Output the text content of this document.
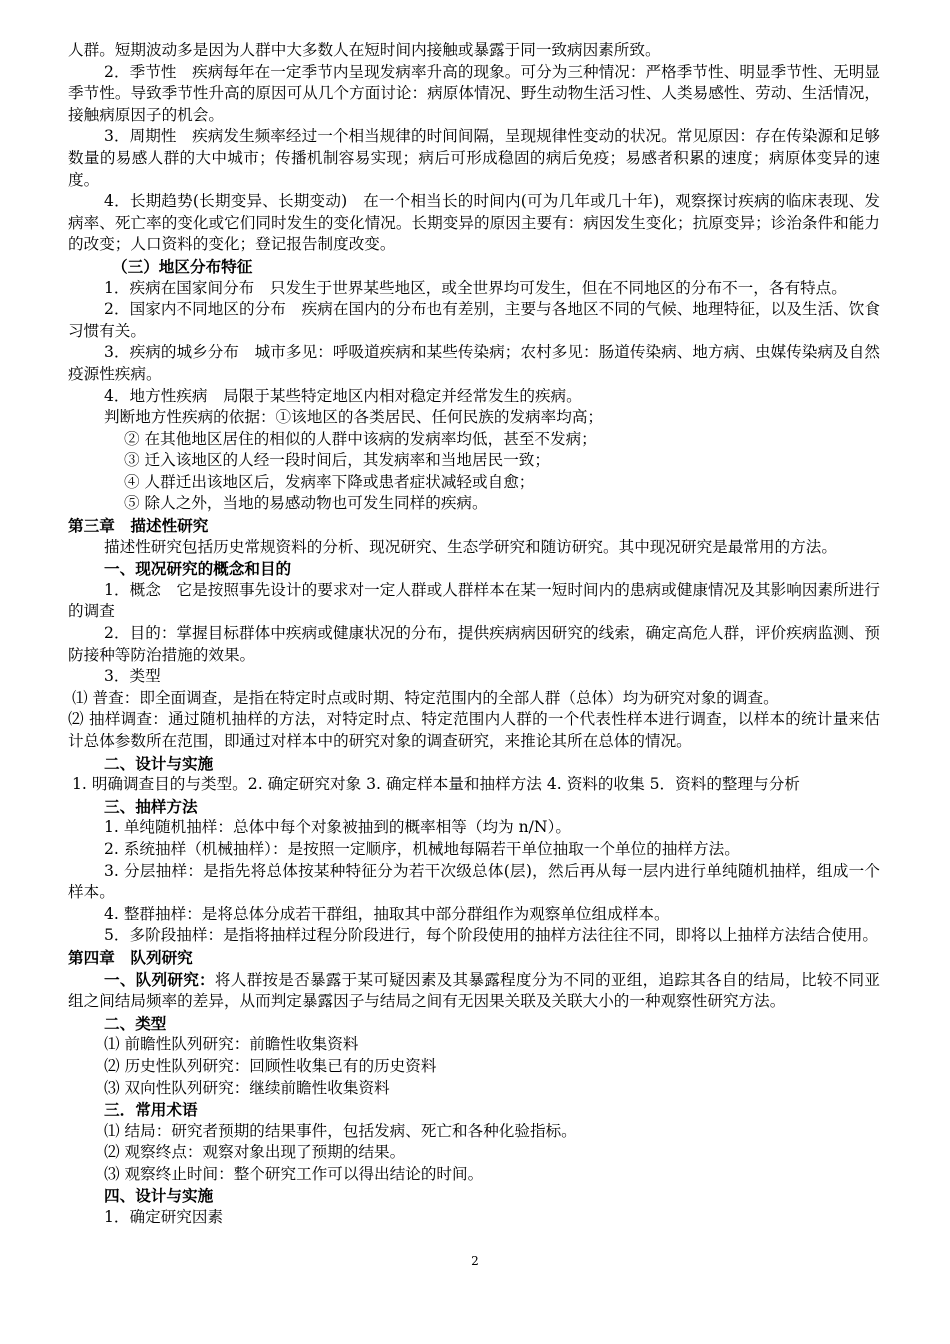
人群。短期波动多是因为人群中大多数人在短时间内接触或暴露于同一致病因素所致。

2．季节性　疾病每年在一定季节内呈现发病率升高的现象。可分为三种情况：严格季节性、明显季节性、无明显季节性。导致季节性升高的原因可从几个方面讨论：病原体情况、野生动物生活习性、人类易感性、劳动、生活情况，接触病原因子的机会。

3．周期性　疾病发生频率经过一个相当规律的时间间隔，呈现规律性变动的状况。常见原因：存在传染源和足够数量的易感人群的大中城市；传播机制容易实现；病后可形成稳固的病后免疫；易感者积累的速度；病原体变异的速度。

4．长期趋势(长期变异、长期变动)　在一个相当长的时间内(可为几年或几十年)，观察探讨疾病的临床表现、发病率、死亡率的变化或它们同时发生的变化情况。长期变异的原因主要有：病因发生变化；抗原变异；诊治条件和能力的改变；人口资料的变化；登记报告制度改变。

（三）地区分布特征

1．疾病在国家间分布　只发生于世界某些地区，或全世界均可发生，但在不同地区的分布不一，各有特点。

2．国家内不同地区的分布　疾病在国内的分布也有差别，主要与各地区不同的气候、地理特征，以及生活、饮食习惯有关。

3．疾病的城乡分布　城市多见：呼吸道疾病和某些传染病；农村多见：肠道传染病、地方病、虫媒传染病及自然疫源性疾病。

4．地方性疾病　局限于某些特定地区内相对稳定并经常发生的疾病。

判断地方性疾病的依据：①该地区的各类居民、任何民族的发病率均高；

② 在其他地区居住的相似的人群中该病的发病率均低，甚至不发病；

③ 迁入该地区的人经一段时间后，其发病率和当地居民一致；

④ 人群迁出该地区后，发病率下降或患者症状减轻或自愈；

⑤ 除人之外，当地的易感动物也可发生同样的疾病。

第三章　描述性研究

描述性研究包括历史常规资料的分析、现况研究、生态学研究和随访研究。其中现况研究是最常用的方法。

一、现况研究的概念和目的

1．概念　它是按照事先设计的要求对一定人群或人群样本在某一短时间内的患病或健康情况及其影响因素所进行的调查

2．目的：掌握目标群体中疾病或健康状况的分布，提供疾病病因研究的线索，确定高危人群，评价疾病监测、预防接种等防治措施的效果。

3．类型

⑴ 普查：即全面调查，是指在特定时点或时期、特定范围内的全部人群（总体）均为研究对象的调查。

⑵ 抽样调查：通过随机抽样的方法，对特定时点、特定范围内人群的一个代表性样本进行调查，以样本的统计量来估计总体参数所在范围，即通过对样本中的研究对象的调查研究，来推论其所在总体的情况。

二、设计与实施

1. 明确调查目的与类型。2. 确定研究对象 3. 确定样本量和抽样方法 4. 资料的收集 5．资料的整理与分析

三、抽样方法

1. 单纯随机抽样：总体中每个对象被抽到的概率相等（均为 n/N）。

2. 系统抽样（机械抽样）：是按照一定顺序，机械地每隔若干单位抽取一个单位的抽样方法。

3. 分层抽样：是指先将总体按某种特征分为若干次级总体(层)，然后再从每一层内进行单纯随机抽样，组成一个样本。

4. 整群抽样：是将总体分成若干群组，抽取其中部分群组作为观察单位组成样本。

5．多阶段抽样：是指将抽样过程分阶段进行，每个阶段使用的抽样方法往往不同，即将以上抽样方法结合使用。

第四章　队列研究

一、队列研究：将人群按是否暴露于某可疑因素及其暴露程度分为不同的亚组，追踪其各自的结局，比较不同亚组之间结局频率的差异，从而判定暴露因子与结局之间有无因果关联及关联大小的一种观察性研究方法。

二、类型

⑴ 前瞻性队列研究：前瞻性收集资料

⑵ 历史性队列研究：回顾性收集已有的历史资料

⑶ 双向性队列研究：继续前瞻性收集资料

三．常用术语

⑴ 结局：研究者预期的结果事件，包括发病、死亡和各种化验指标。

⑵ 观察终点：观察对象出现了预期的结果。

⑶ 观察终止时间：整个研究工作可以得出结论的时间。

四、设计与实施

1．确定研究因素

2
